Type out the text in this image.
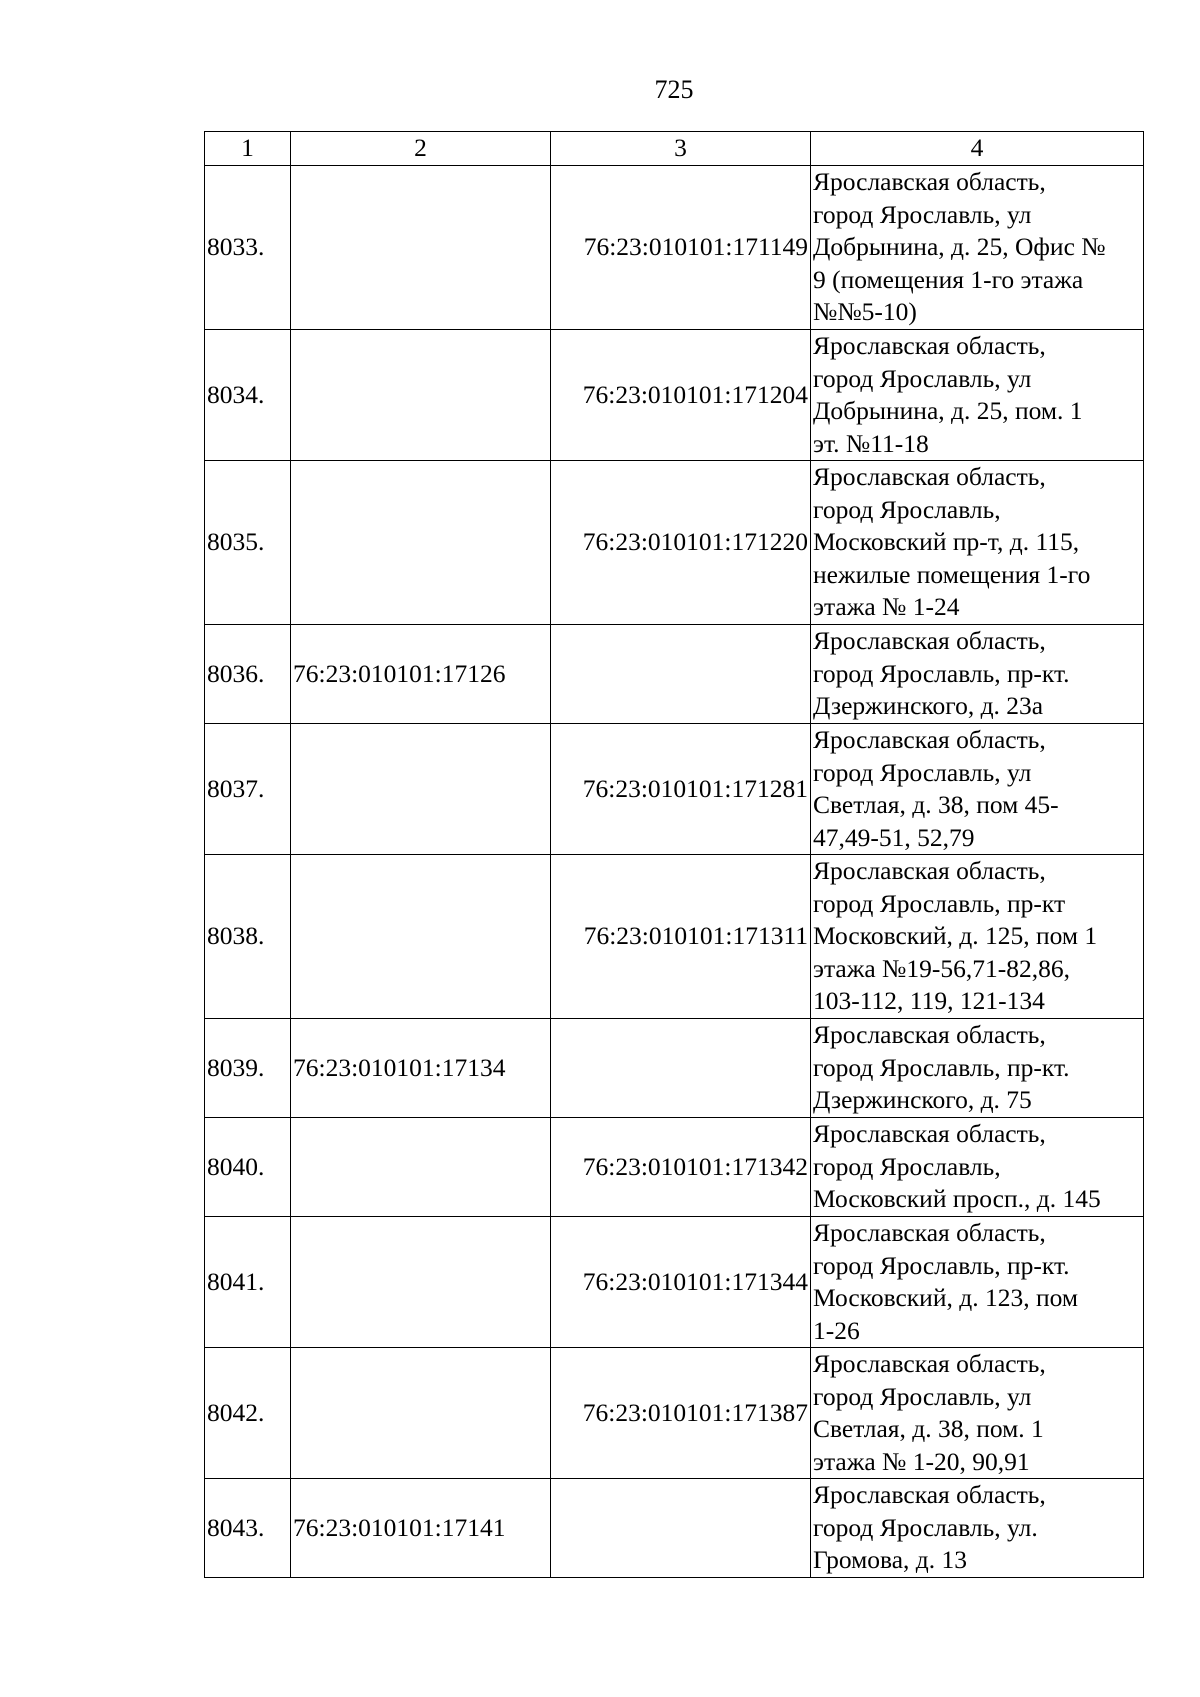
725
1	2	3	4
8033.		76:23:010101:171149	Ярославская область,
город Ярославль, ул
Добрынина, д. 25, Офис №
9 (помещения 1-го этажа
№№5-10)
8034.		76:23:010101:171204	Ярославская область,
город Ярославль, ул
Добрынина, д. 25, пом. 1
эт. №11-18
8035.		76:23:010101:171220	Ярославская область,
город Ярославль,
Московский пр-т, д. 115,
нежилые помещения 1-го
этажа № 1-24
8036.	76:23:010101:17126		Ярославская область,
город Ярославль, пр-кт.
Дзержинского, д. 23а
8037.		76:23:010101:171281	Ярославская область,
город Ярославль, ул
Светлая, д. 38, пом 45-
47,49-51, 52,79
8038.		76:23:010101:171311	Ярославская область,
город Ярославль, пр-кт
Московский, д. 125, пом 1
этажа №19-56,71-82,86,
103-112, 119, 121-134
8039.	76:23:010101:17134		Ярославская область,
город Ярославль, пр-кт.
Дзержинского, д. 75
8040.		76:23:010101:171342	Ярославская область,
город Ярославль,
Московский просп., д. 145
8041.		76:23:010101:171344	Ярославская область,
город Ярославль, пр-кт.
Московский, д. 123, пом
1-26
8042.		76:23:010101:171387	Ярославская область,
город Ярославль, ул
Светлая, д. 38, пом. 1
этажа № 1-20, 90,91
8043.	76:23:010101:17141		Ярославская область,
город Ярославль, ул.
Громова, д. 13
